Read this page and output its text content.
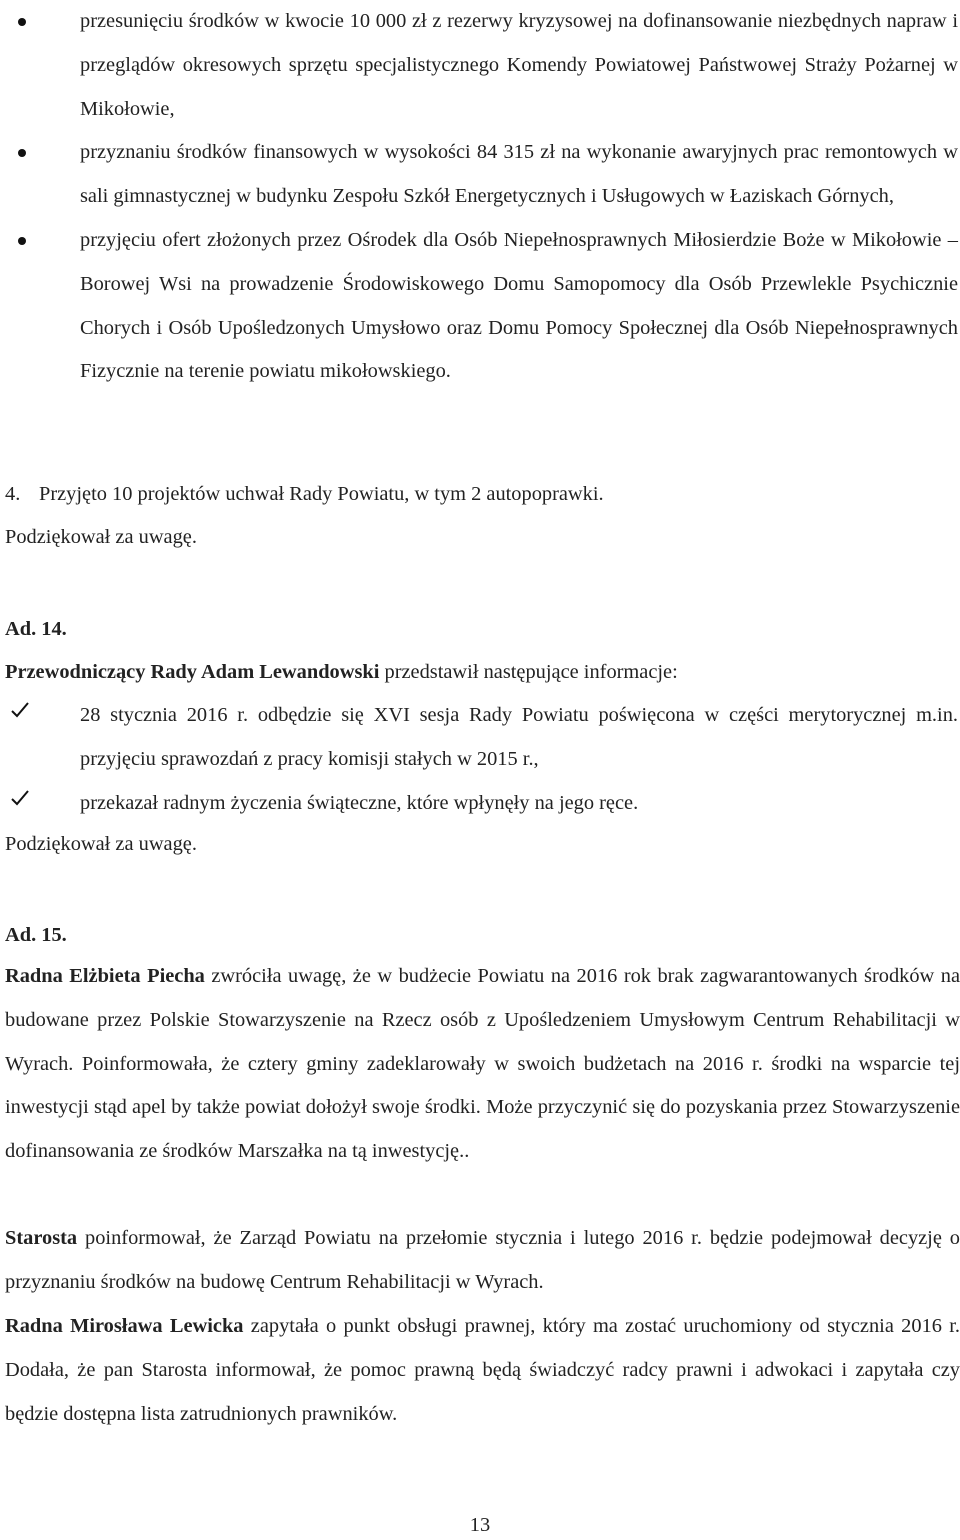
przesunięciu środków w kwocie 10 000 zł z rezerwy kryzysowej na dofinansowanie niezbędnych napraw i przeglądów okresowych sprzętu specjalistycznego Komendy Powiatowej Państwowej Straży Pożarnej w Mikołowie,
przyznaniu środków finansowych w wysokości 84 315 zł na wykonanie awaryjnych prac remontowych w sali gimnastycznej w budynku Zespołu Szkół Energetycznych i Usługowych w Łaziskach Górnych,
przyjęciu ofert złożonych przez Ośrodek dla Osób Niepełnosprawnych Miłosierdzie Boże w Mikołowie – Borowej Wsi na prowadzenie Środowiskowego Domu Samopomocy dla Osób Przewlekle Psychicznie Chorych i Osób Upośledzonych Umysłowo oraz Domu Pomocy Społecznej dla Osób Niepełnosprawnych Fizycznie na terenie powiatu mikołowskiego.
4. Przyjęto 10 projektów uchwał Rady Powiatu, w tym 2 autopoprawki.
Podziękował za uwagę.
Ad. 14.
Przewodniczący Rady Adam Lewandowski przedstawił następujące informacje:
28 stycznia 2016 r. odbędzie się XVI sesja Rady Powiatu poświęcona w części merytorycznej m.in. przyjęciu sprawozdań z pracy komisji stałych w 2015 r.,
przekazał radnym życzenia świąteczne, które wpłynęły na jego ręce.
Podziękował za uwagę.
Ad. 15.
Radna Elżbieta Piecha zwróciła uwagę, że w budżecie Powiatu na 2016 rok brak zagwarantowanych środków na budowane przez Polskie Stowarzyszenie na Rzecz osób z Upośledzeniem Umysłowym Centrum Rehabilitacji w Wyrach. Poinformowała, że cztery gminy zadeklarowały w swoich budżetach na 2016 r. środki na wsparcie tej inwestycji stąd apel by także powiat dołożył swoje środki. Może przyczynić się do pozyskania przez Stowarzyszenie dofinansowania ze środków Marszałka na tą inwestycję..
Starosta poinformował, że Zarząd Powiatu na przełomie stycznia i lutego 2016 r. będzie podejmował decyzję o przyznaniu środków na budowę Centrum Rehabilitacji w Wyrach.
Radna Mirosława Lewicka zapytała o punkt obsługi prawnej, który ma zostać uruchomiony od stycznia 2016 r. Dodała, że pan Starosta informował, że pomoc prawną będą świadczyć radcy prawni i adwokaci i zapytała czy będzie dostępna lista zatrudnionych prawników.
13
